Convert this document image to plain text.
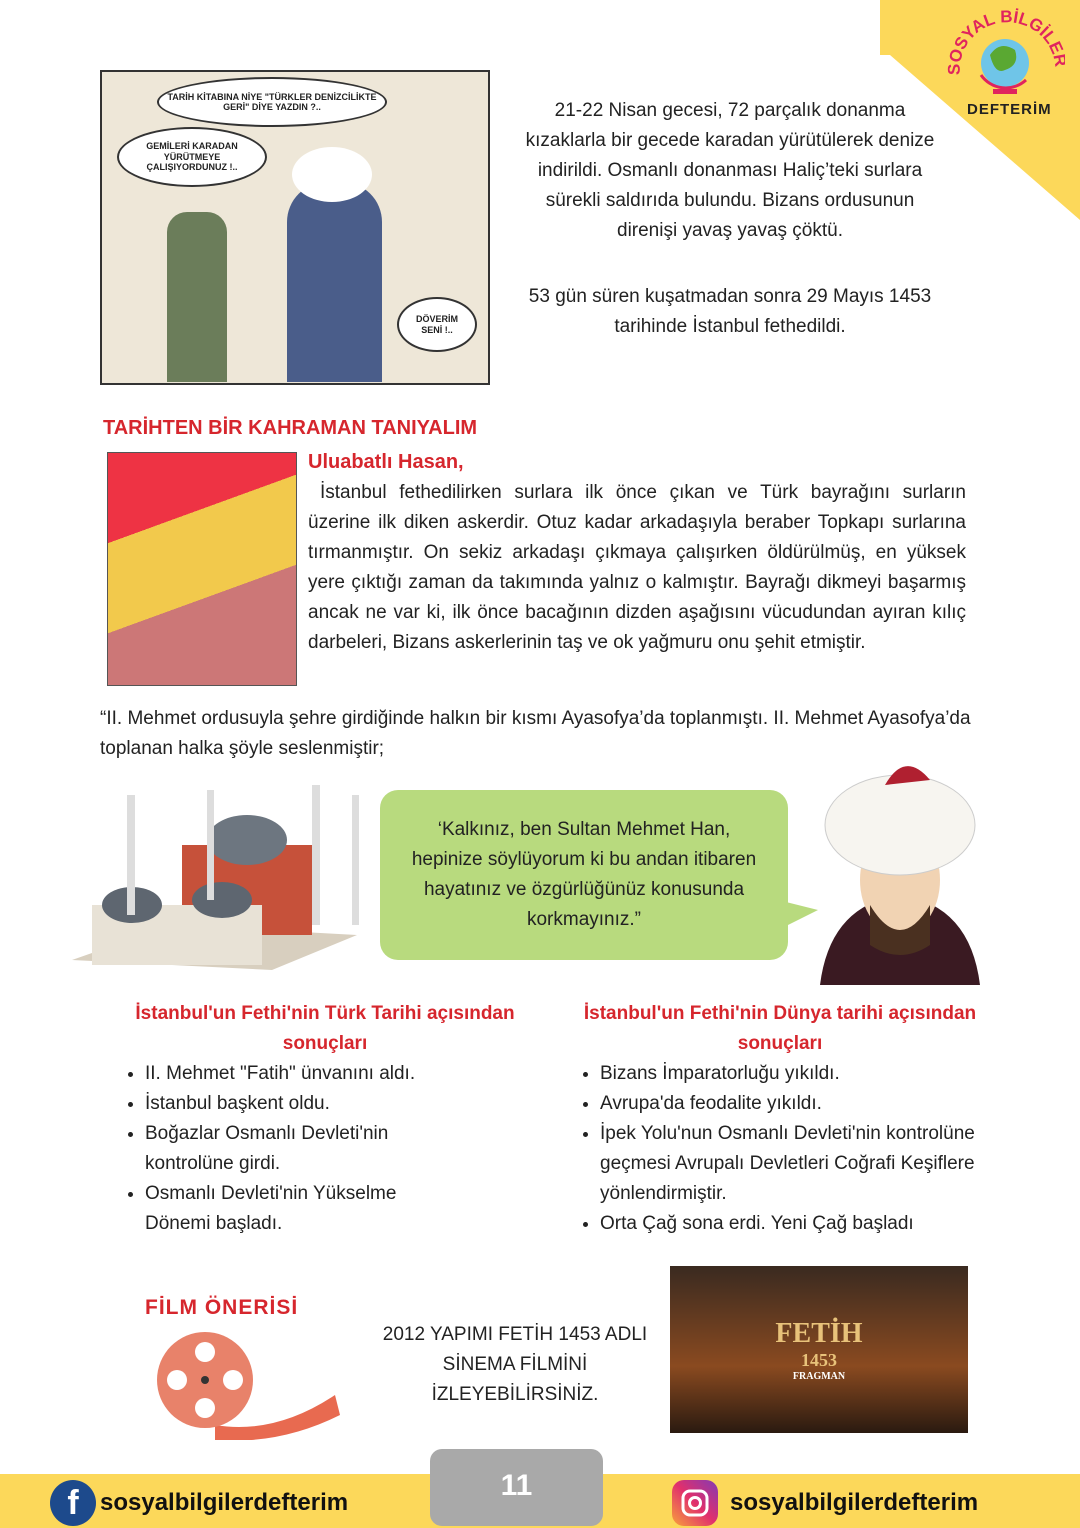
SOSYAL BİLGİLE
DEFTERİM
TARİH KİTABINA NİYE "TÜRKLER DENİZCİLİKTE GERİ" DİYE YAZDIN ?..
GEMİLERİ KARADAN YÜRÜTMEYE ÇALIŞIYORDUNUZ !..
DÖVERİM SENİ !..
21-22 Nisan gecesi, 72 parçalık donanma kızaklarla bir gecede karadan yürütülerek denize indirildi. Osmanlı donanması Haliç’teki surlara sürekli saldırıda bulundu. Bizans ordusunun direnişi yavaş yavaş çöktü.
53 gün süren kuşatmadan sonra 29 Mayıs 1453 tarihinde İstanbul fethedildi.
TARİHTEN BİR KAHRAMAN TANIYALIM
Uluabatlı Hasan,
İstanbul fethedilirken surlara ilk önce çıkan ve Türk bayrağını surların üzerine ilk diken askerdir. Otuz kadar arkadaşıyla beraber Topkapı surlarına tırmanmıştır. On sekiz arkadaşı çıkmaya çalışırken öldürülmüş, en yüksek yere çıktığı zaman da takımında yalnız o kalmıştır. Bayrağı dikmeyi başarmış ancak ne var ki, ilk önce bacağının dizden aşağısını vücudundan ayıran kılıç darbeleri, Bizans askerlerinin taş ve ok yağmuru onu şehit etmiştir.
“II. Mehmet ordusuyla şehre girdiğinde halkın bir kısmı Ayasofya’da toplanmıştı. II. Mehmet Ayasofya’da toplanan halka şöyle seslenmiştir;
‘Kalkınız, ben Sultan Mehmet Han, hepinize söylüyorum ki bu andan itibaren hayatınız ve özgürlüğünüz konusunda korkmayınız.”
İstanbul'un Fethi'nin Türk Tarihi açısından sonuçları
• II. Mehmet "Fatih" ünvanını aldı.
• İstanbul başkent oldu.
• Boğazlar Osmanlı Devleti'nin kontrolüne girdi.
• Osmanlı Devleti'nin Yükselme Dönemi başladı.
İstanbul'un Fethi'nin Dünya tarihi açısından sonuçları
• Bizans İmparatorluğu yıkıldı.
• Avrupa'da feodalite yıkıldı.
• İpek Yolu'nun Osmanlı Devleti'nin kontrolüne geçmesi Avrupalı Devletleri Coğrafi Keşiflere yönlendirmiştir.
• Orta Çağ sona erdi. Yeni Çağ başladı
FİLM ÖNERİSİ
2012 YAPIMI FETİH 1453 ADLI SİNEMA FİLMİNİ İZLEYEBİLİRSİNİZ.
FETİH
1453
FRAGMAN
11
f sosyalbilgilerdefterim	sosyalbilgilerdefterim
